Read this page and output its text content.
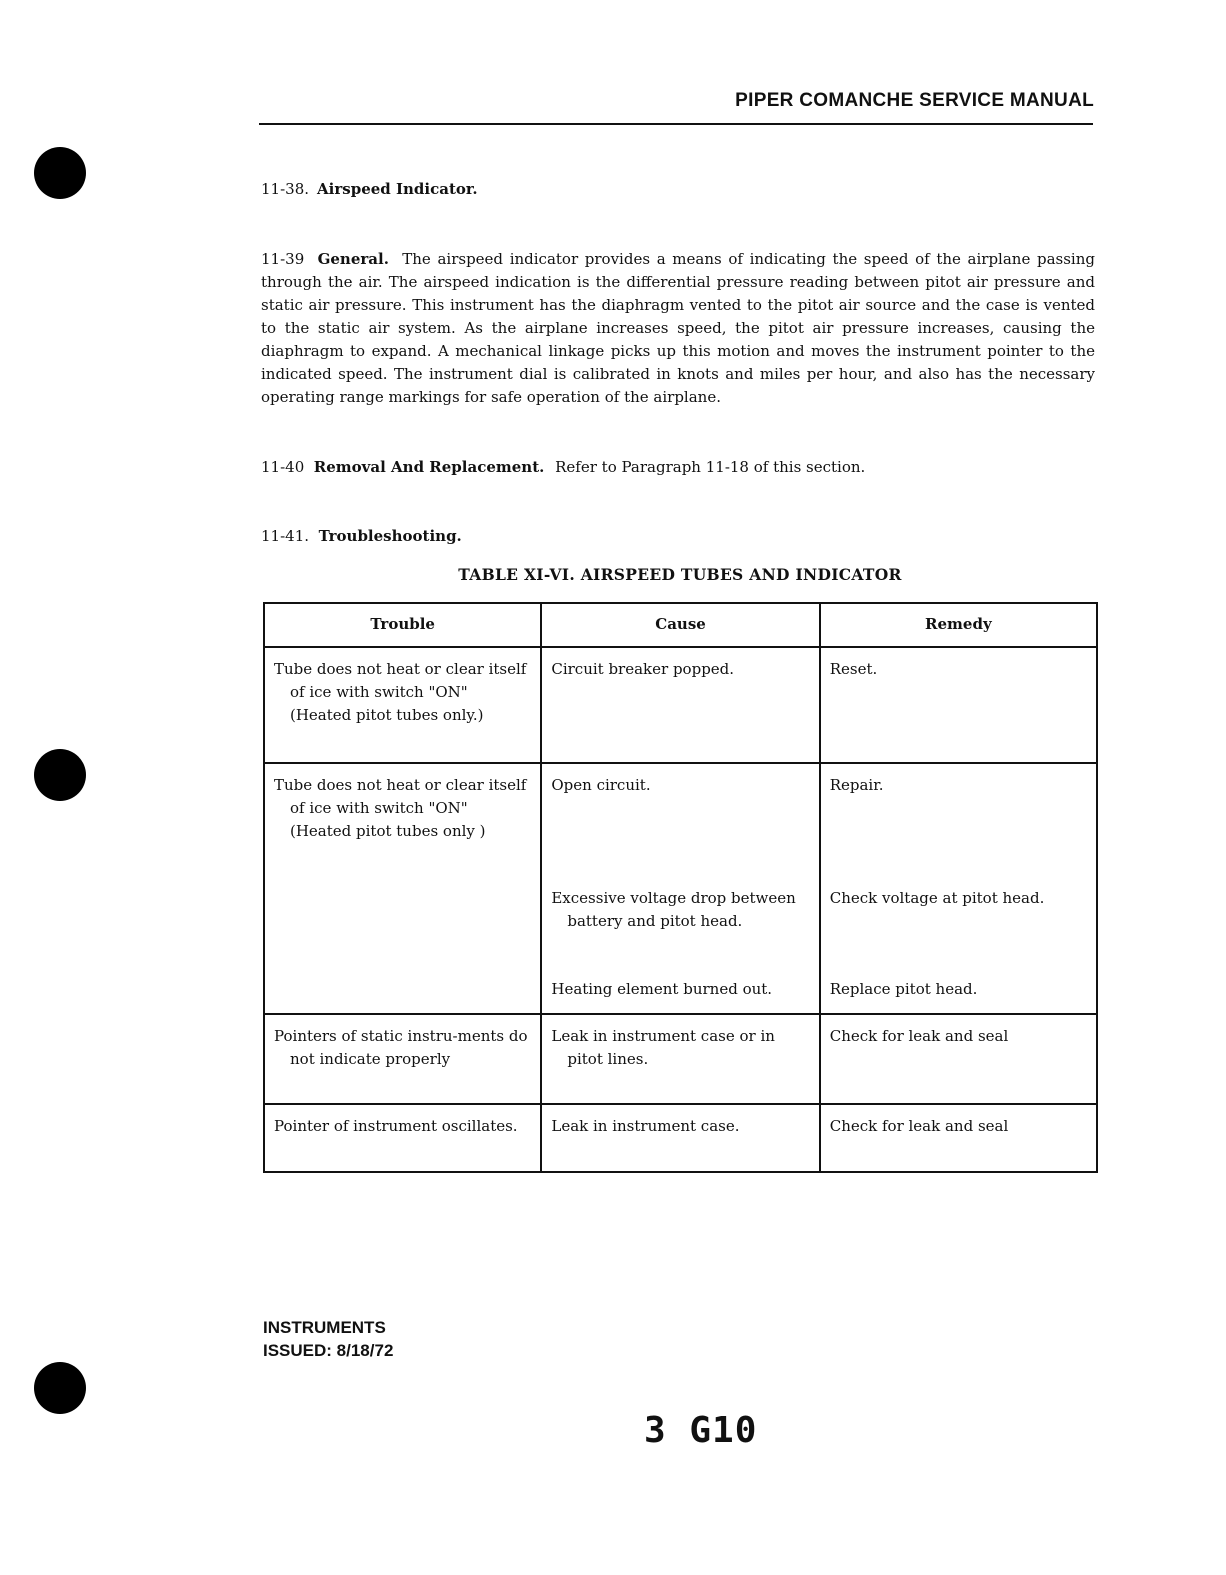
PIPER COMANCHE SERVICE MANUAL

11-38. Airspeed Indicator.

11-39 General. The airspeed indicator provides a means of indicating the speed of the airplane passing through the air. The airspeed indication is the differential pressure reading between pitot air pressure and static air pressure. This instrument has the diaphragm vented to the pitot air source and the case is vented to the static air system. As the airplane increases speed, the pitot air pressure increases, causing the diaphragm to expand. A mechanical linkage picks up this motion and moves the instrument pointer to the indicated speed. The instrument dial is calibrated in knots and miles per hour, and also has the necessary operating range markings for safe operation of the airplane.

11-40 Removal And Replacement. Refer to Paragraph 11-18 of this section.

11-41. Troubleshooting.

TABLE XI-VI. AIRSPEED TUBES AND INDICATOR
Trouble	Cause	Remedy

Tube does not heat or clear itself of ice with switch "ON" (Heated pitot tubes only.)	Circuit breaker popped.	Reset.

Tube does not heat or clear itself of ice with switch "ON" (Heated pitot tubes only )	Open circuit.	Repair.

	Excessive voltage drop between battery and pitot head.	Check voltage at pitot head.

	Heating element burned out.	Replace pitot head.

Pointers of static instru-ments do not indicate properly	Leak in instrument case or in pitot lines.	Check for leak and seal

Pointer of instrument oscillates.	Leak in instrument case.	Check for leak and seal
INSTRUMENTS
ISSUED: 8/18/72
3 G10
